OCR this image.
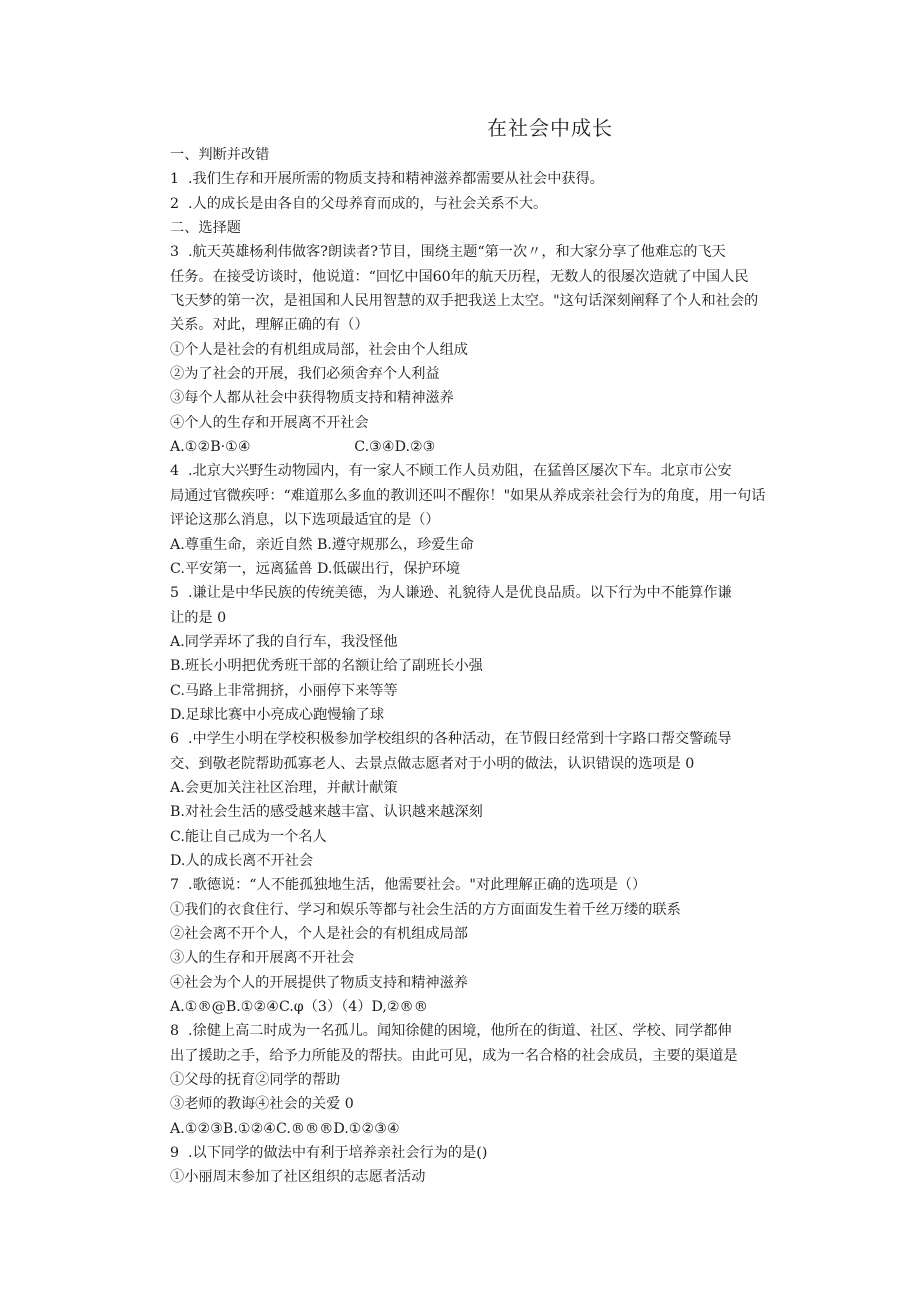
在社会中成长

一、判断并改错

1  .我们生存和开展所需的物质支持和精神滋养都需要从社会中获得。

2  .人的成长是由各自的父母养育而成的，与社会关系不大。

二、选择题

3  .航天英雄杨利伟做客?朗读者?节目，围绕主题“第一次〃，和大家分享了他难忘的飞天

任务。在接受访谈时，他说道：“回忆中国60年的航天历程，无数人的很屡次造就了中国人民

飞天梦的第一次，是祖国和人民用智慧的双手把我送上太空。"这句话深刻阐释了个人和社会的

关系。对此，理解正确的有（）

①个人是社会的有机组成局部，社会由个人组成

②为了社会的开展，我们必须舍弃个人利益

③每个人都从社会中获得物质支持和精神滋养

④个人的生存和开展离不开社会

A.①②B·①④                       C.③④D.②③

4  .北京大兴野生动物园内，有一家人不顾工作人员劝阻，在猛兽区屡次下车。北京市公安

局通过官微疾呼：“难道那么多血的教训还叫不醒你！"如果从养成亲社会行为的角度，用一句话

评论这那么消息，以下选项最适宜的是（）

A.尊重生命，亲近自然 B.遵守规那么，珍爱生命

C.平安第一，远离猛兽 D.低碳出行，保护环境

5  .谦让是中华民族的传统美德，为人谦逊、礼貌待人是优良品质。以下行为中不能算作谦

让的是 0

A.同学弄坏了我的自行车，我没怪他

B.班长小明把优秀班干部的名额让给了副班长小强

C.马路上非常拥挤，小丽停下来等等

D.足球比赛中小亮成心跑慢输了球

6  .中学生小明在学校积极参加学校组织的各种活动，在节假日经常到十字路口帮交警疏导

交、到敬老院帮助孤寡老人、去景点做志愿者对于小明的做法，认识错误的选项是 0

A.会更加关注社区治理，并献计献策

B.对社会生活的感受越来越丰富、认识越来越深刻

C.能让自己成为一个名人

D.人的成长离不开社会

7  .歌德说：“人不能孤独地生活，他需要社会。"对此理解正确的选项是（）

①我们的衣食住行、学习和娱乐等都与社会生活的方方面面发生着千丝万缕的联系

②社会离不开个人，个人是社会的有机组成局部

③人的生存和开展离不开社会

④社会为个人的开展提供了物质支持和精神滋养

A.①®@B.①②④C.φ（3）（4）D,②®®

8  .徐健上高二时成为一名孤儿。闻知徐健的困境，他所在的街道、社区、学校、同学都伸

出了援助之手，给予力所能及的帮扶。由此可见，成为一名合格的社会成员，主要的渠道是

①父母的抚育②同学的帮助

③老师的教诲④社会的关爱 0

A.①②③B.①②④C.®®®D.①②③④

9  .以下同学的做法中有利于培养亲社会行为的是()

①小丽周末参加了社区组织的志愿者活动
